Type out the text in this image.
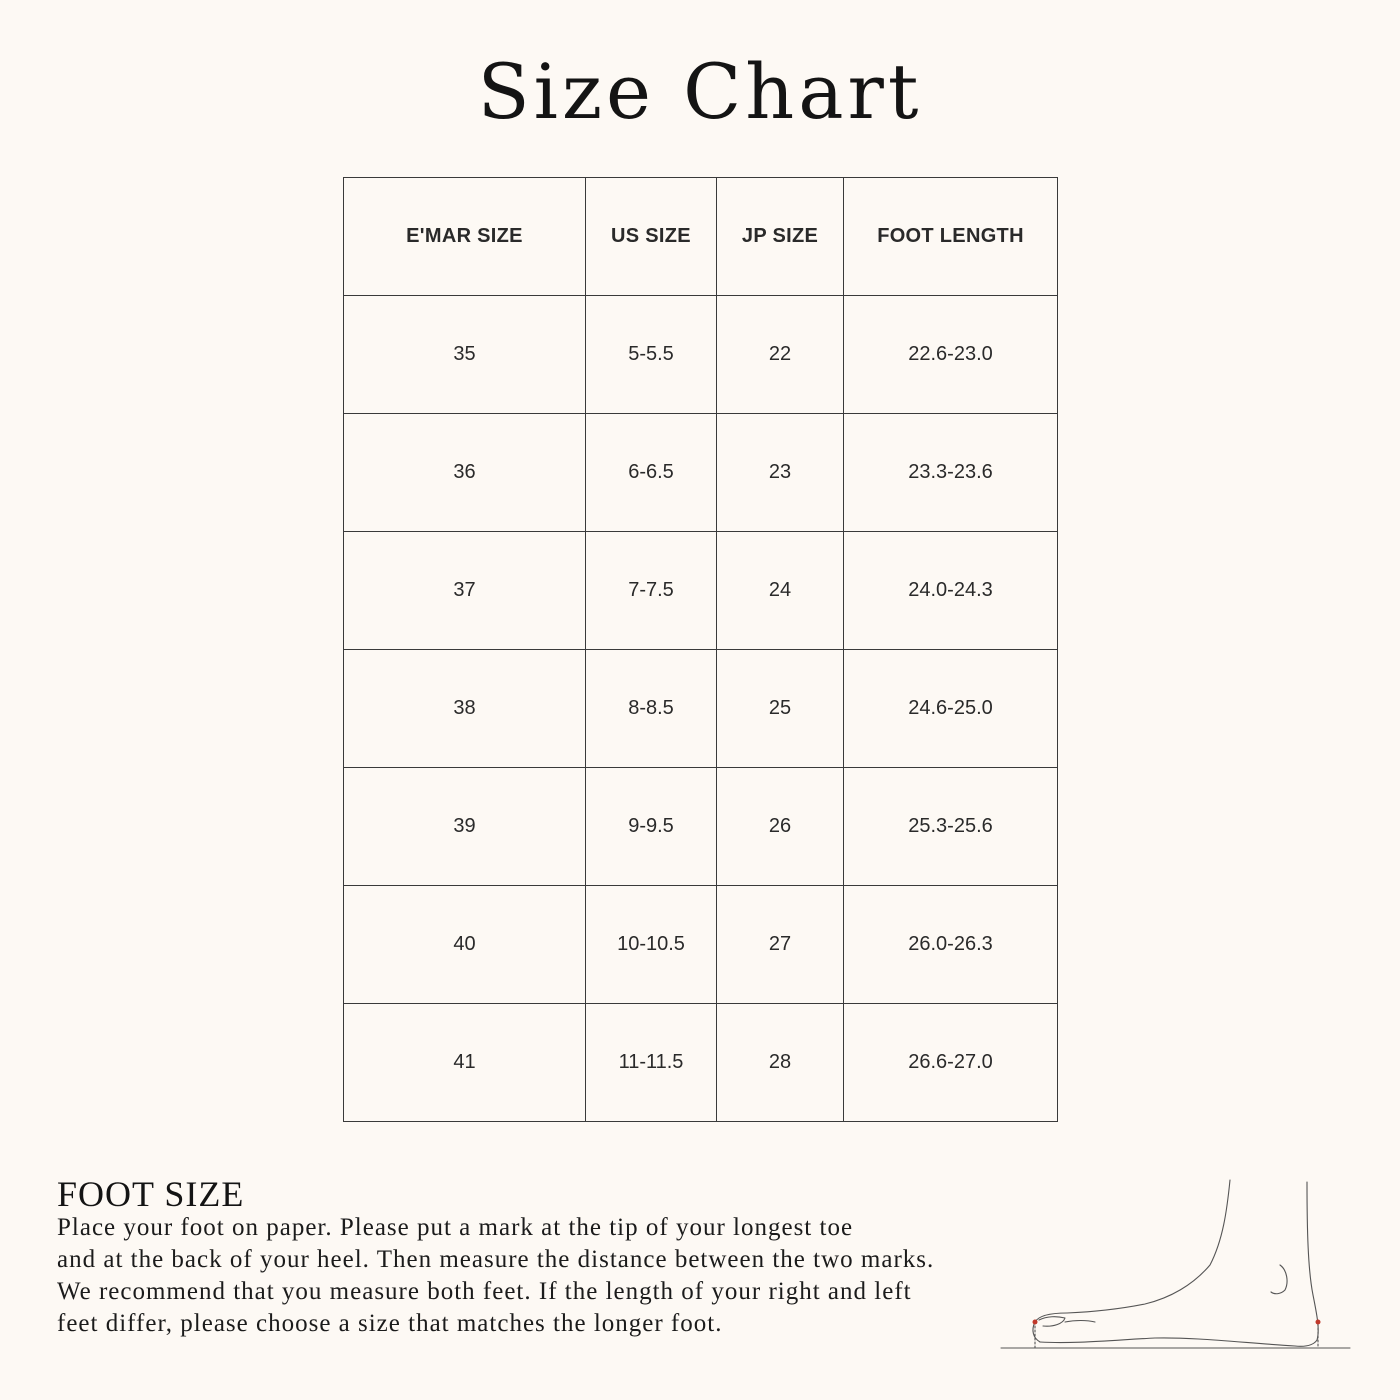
Size Chart
E'MAR SIZE	US SIZE	JP SIZE	FOOT LENGTH
35	5-5.5	22	22.6-23.0
36	6-6.5	23	23.3-23.6
37	7-7.5	24	24.0-24.3
38	8-8.5	25	24.6-25.0
39	9-9.5	26	25.3-25.6
40	10-10.5	27	26.0-26.3
41	11-11.5	28	26.6-27.0
FOOT SIZE
Place your foot on paper. Please put a mark at the tip of your longest toe
and at the back of your heel. Then measure the distance between the two marks.
We recommend that you measure both feet. If the length of your right and left
feet differ, please choose a size that matches the longer foot.
